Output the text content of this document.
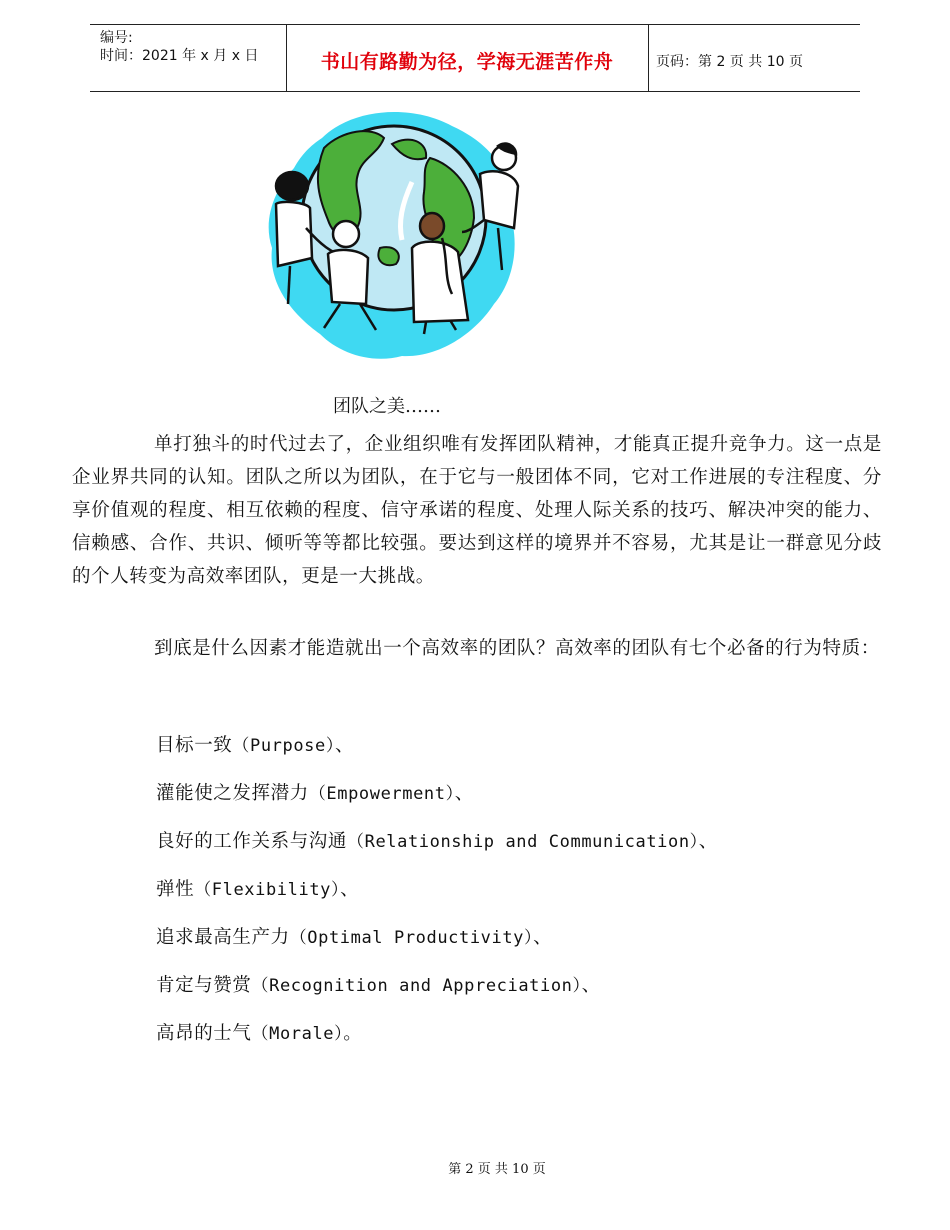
编号:
时间：2021 年 x 月 x 日	书山有路勤为径，学海无涯苦作舟	页码：第 2 页 共 10 页
团队之美……
单打独斗的时代过去了，企业组织唯有发挥团队精神，才能真正提升竞争力。这一点是企业界共同的认知。团队之所以为团队，在于它与一般团体不同，它对工作进展的专注程度、分享价值观的程度、相互依赖的程度、信守承诺的程度、处理人际关系的技巧、解决冲突的能力、信赖感、合作、共识、倾听等等都比较强。要达到这样的境界并不容易，尤其是让一群意见分歧的个人转变为高效率团队，更是一大挑战。
到底是什么因素才能造就出一个高效率的团队？高效率的团队有七个必备的行为特质：
目标一致（Purpose）、
灌能使之发挥潜力（Empowerment）、
良好的工作关系与沟通（Relationship and Communication）、
弹性（Flexibility）、
追求最高生产力（Optimal Productivity）、
肯定与赞赏（Recognition and Appreciation）、
高昂的士气（Morale）。
第 2 页 共 10 页
